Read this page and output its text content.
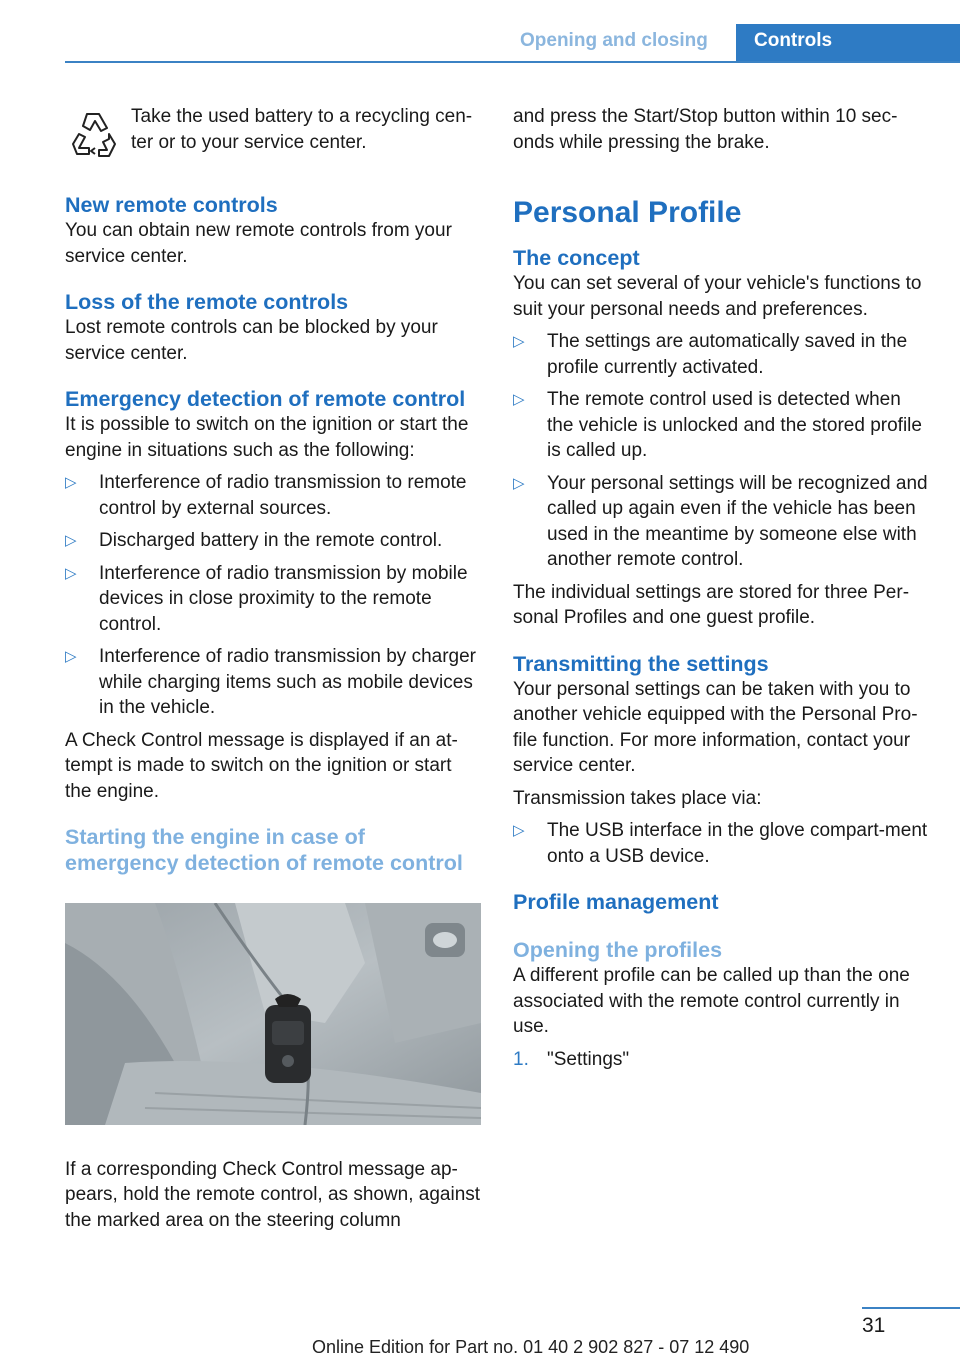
Opening and closing	Controls

Take the used battery to a recycling cen-ter or to your service center.

New remote controls

You can obtain new remote controls from your service center.

Loss of the remote controls

Lost remote controls can be blocked by your service center.

Emergency detection of remote control

It is possible to switch on the ignition or start the engine in situations such as the following:

▷ Interference of radio transmission to remote control by external sources.
▷ Discharged battery in the remote control.
▷ Interference of radio transmission by mobile devices in close proximity to the remote control.
▷ Interference of radio transmission by charger while charging items such as mobile devices in the vehicle.

A Check Control message is displayed if an at-tempt is made to switch on the ignition or start the engine.

Starting the engine in case of emergency detection of remote control

If a corresponding Check Control message ap-pears, hold the remote control, as shown, against the marked area on the steering column

and press the Start/Stop button within 10 sec-onds while pressing the brake.

Personal Profile
The concept

You can set several of your vehicle's functions to suit your personal needs and preferences.

▷ The settings are automatically saved in the profile currently activated.
▷ The remote control used is detected when the vehicle is unlocked and the stored profile is called up.
▷ Your personal settings will be recognized and called up again even if the vehicle has been used in the meantime by someone else with another remote control.

The individual settings are stored for three Per-sonal Profiles and one guest profile.

Transmitting the settings

Your personal settings can be taken with you to another vehicle equipped with the Personal Pro-file function. For more information, contact your service center.

Transmission takes place via:

▷ The USB interface in the glove compart-ment onto a USB device.
Profile management
Opening the profiles

A different profile can be called up than the one associated with the remote control currently in use.

1. "Settings"
31
Online Edition for Part no. 01 40 2 902 827 - 07 12 490
